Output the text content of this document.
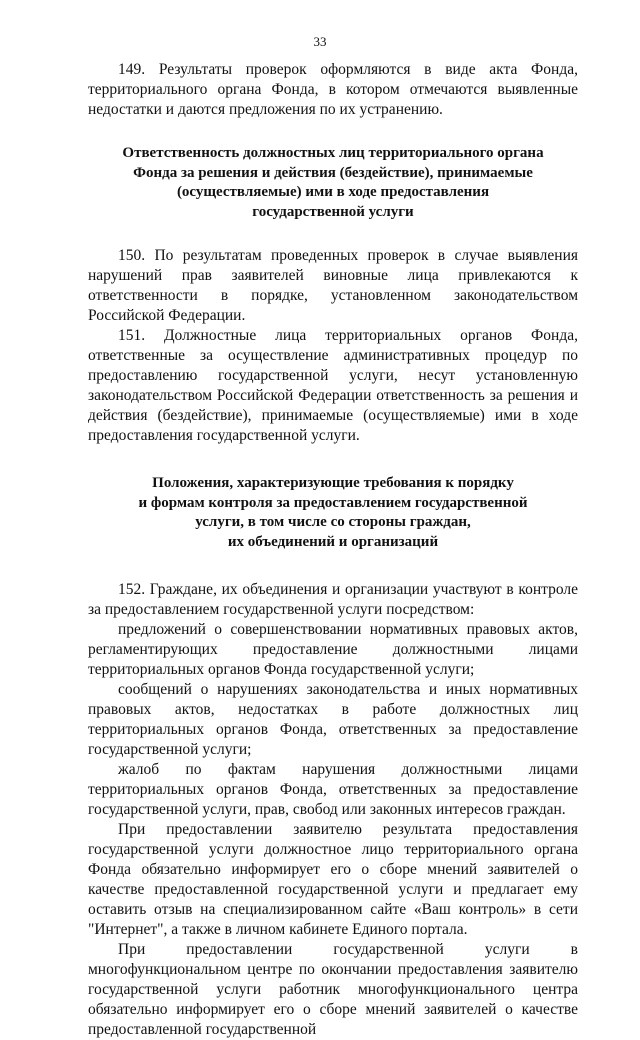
33

149. Результаты проверок оформляются в виде акта Фонда, территориального органа Фонда, в котором отмечаются выявленные недостатки и даются предложения по их устранению.

Ответственность должностных лиц территориального органа

Фонда за решения и действия (бездействие), принимаемые

(осуществляемые) ими в ходе предоставления

государственной услуги

150. По результатам проведенных проверок в случае выявления нарушений прав заявителей виновные лица привлекаются к ответственности в порядке, установленном законодательством Российской Федерации.

151. Должностные лица территориальных органов Фонда, ответственные за осуществление административных процедур по предоставлению государственной услуги, несут установленную законодательством Российской Федерации ответственность за решения и действия (бездействие), принимаемые (осуществляемые) ими в ходе предоставления государственной услуги.

Положения, характеризующие требования к порядку

и формам контроля за предоставлением государственной

услуги, в том числе со стороны граждан,

их объединений и организаций

152. Граждане, их объединения и организации участвуют в контроле за предоставлением государственной услуги посредством:

предложений о совершенствовании нормативных правовых актов, регламентирующих предоставление должностными лицами территориальных органов Фонда государственной услуги;

сообщений о нарушениях законодательства и иных нормативных правовых актов, недостатках в работе должностных лиц территориальных органов Фонда, ответственных за предоставление государственной услуги;

жалоб по фактам нарушения должностными лицами территориальных органов Фонда, ответственных за предоставление государственной услуги, прав, свобод или законных интересов граждан.

При предоставлении заявителю результата предоставления государственной услуги должностное лицо территориального органа Фонда обязательно информирует его о сборе мнений заявителей о качестве предоставленной государственной услуги и предлагает ему оставить отзыв на специализированном сайте «Ваш контроль» в сети "Интернет", а также в личном кабинете Единого портала.

При предоставлении государственной услуги в многофункциональном центре по окончании предоставления заявителю государственной услуги работник многофункционального центра обязательно информирует его о сборе мнений заявителей о качестве предоставленной государственной
